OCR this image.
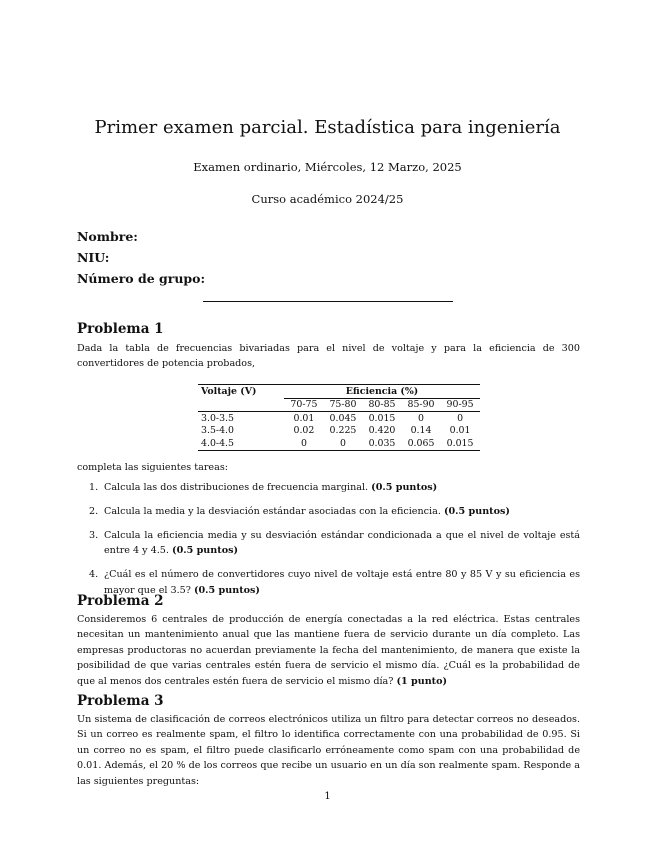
Primer examen parcial. Estadística para ingeniería
Examen ordinario, Miércoles, 12 Marzo, 2025
Curso académico 2024/25
Nombre:
NIU:
Número de grupo:
Problema 1

Dada la tabla de frecuencias bivariadas para el nivel de voltaje y para la eficiencia de 300 convertidores de potencia probados,

Voltaje (V)		Eficiencia (%)				
		70-75	75-80	80-85	85-90	90-95
3.0-3.5		0.01	0.045	0.015	0	0
3.5-4.0		0.02	0.225	0.420	0.14	0.01
4.0-4.5		0	0	0.035	0.065	0.015

completa las siguientes tareas:

1. Calcula las dos distribuciones de frecuencia marginal. (0.5 puntos)
2. Calcula la media y la desviación estándar asociadas con la eficiencia. (0.5 puntos)
3. Calcula la eficiencia media y su desviación estándar condicionada a que el nivel de voltaje está entre 4 y 4.5. (0.5 puntos)
4. ¿Cuál es el número de convertidores cuyo nivel de voltaje está entre 80 y 85 V y su eficiencia es mayor que el 3.5? (0.5 puntos)
Problema 2

Consideremos 6 centrales de producción de energía conectadas a la red eléctrica. Estas centrales necesitan un mantenimiento anual que las mantiene fuera de servicio durante un día completo. Las empresas productoras no acuerdan previamente la fecha del mantenimiento, de manera que existe la posibilidad de que varias centrales estén fuera de servicio el mismo día. ¿Cuál es la probabilidad de que al menos dos centrales estén fuera de servicio el mismo día? (1 punto)

Problema 3

Un sistema de clasificación de correos electrónicos utiliza un filtro para detectar correos no deseados. Si un correo es realmente spam, el filtro lo identifica correctamente con una probabilidad de 0.95. Si un correo no es spam, el filtro puede clasificarlo erróneamente como spam con una probabilidad de 0.01. Además, el 20 % de los correos que recibe un usuario en un día son realmente spam. Responde a las siguientes preguntas:

1
